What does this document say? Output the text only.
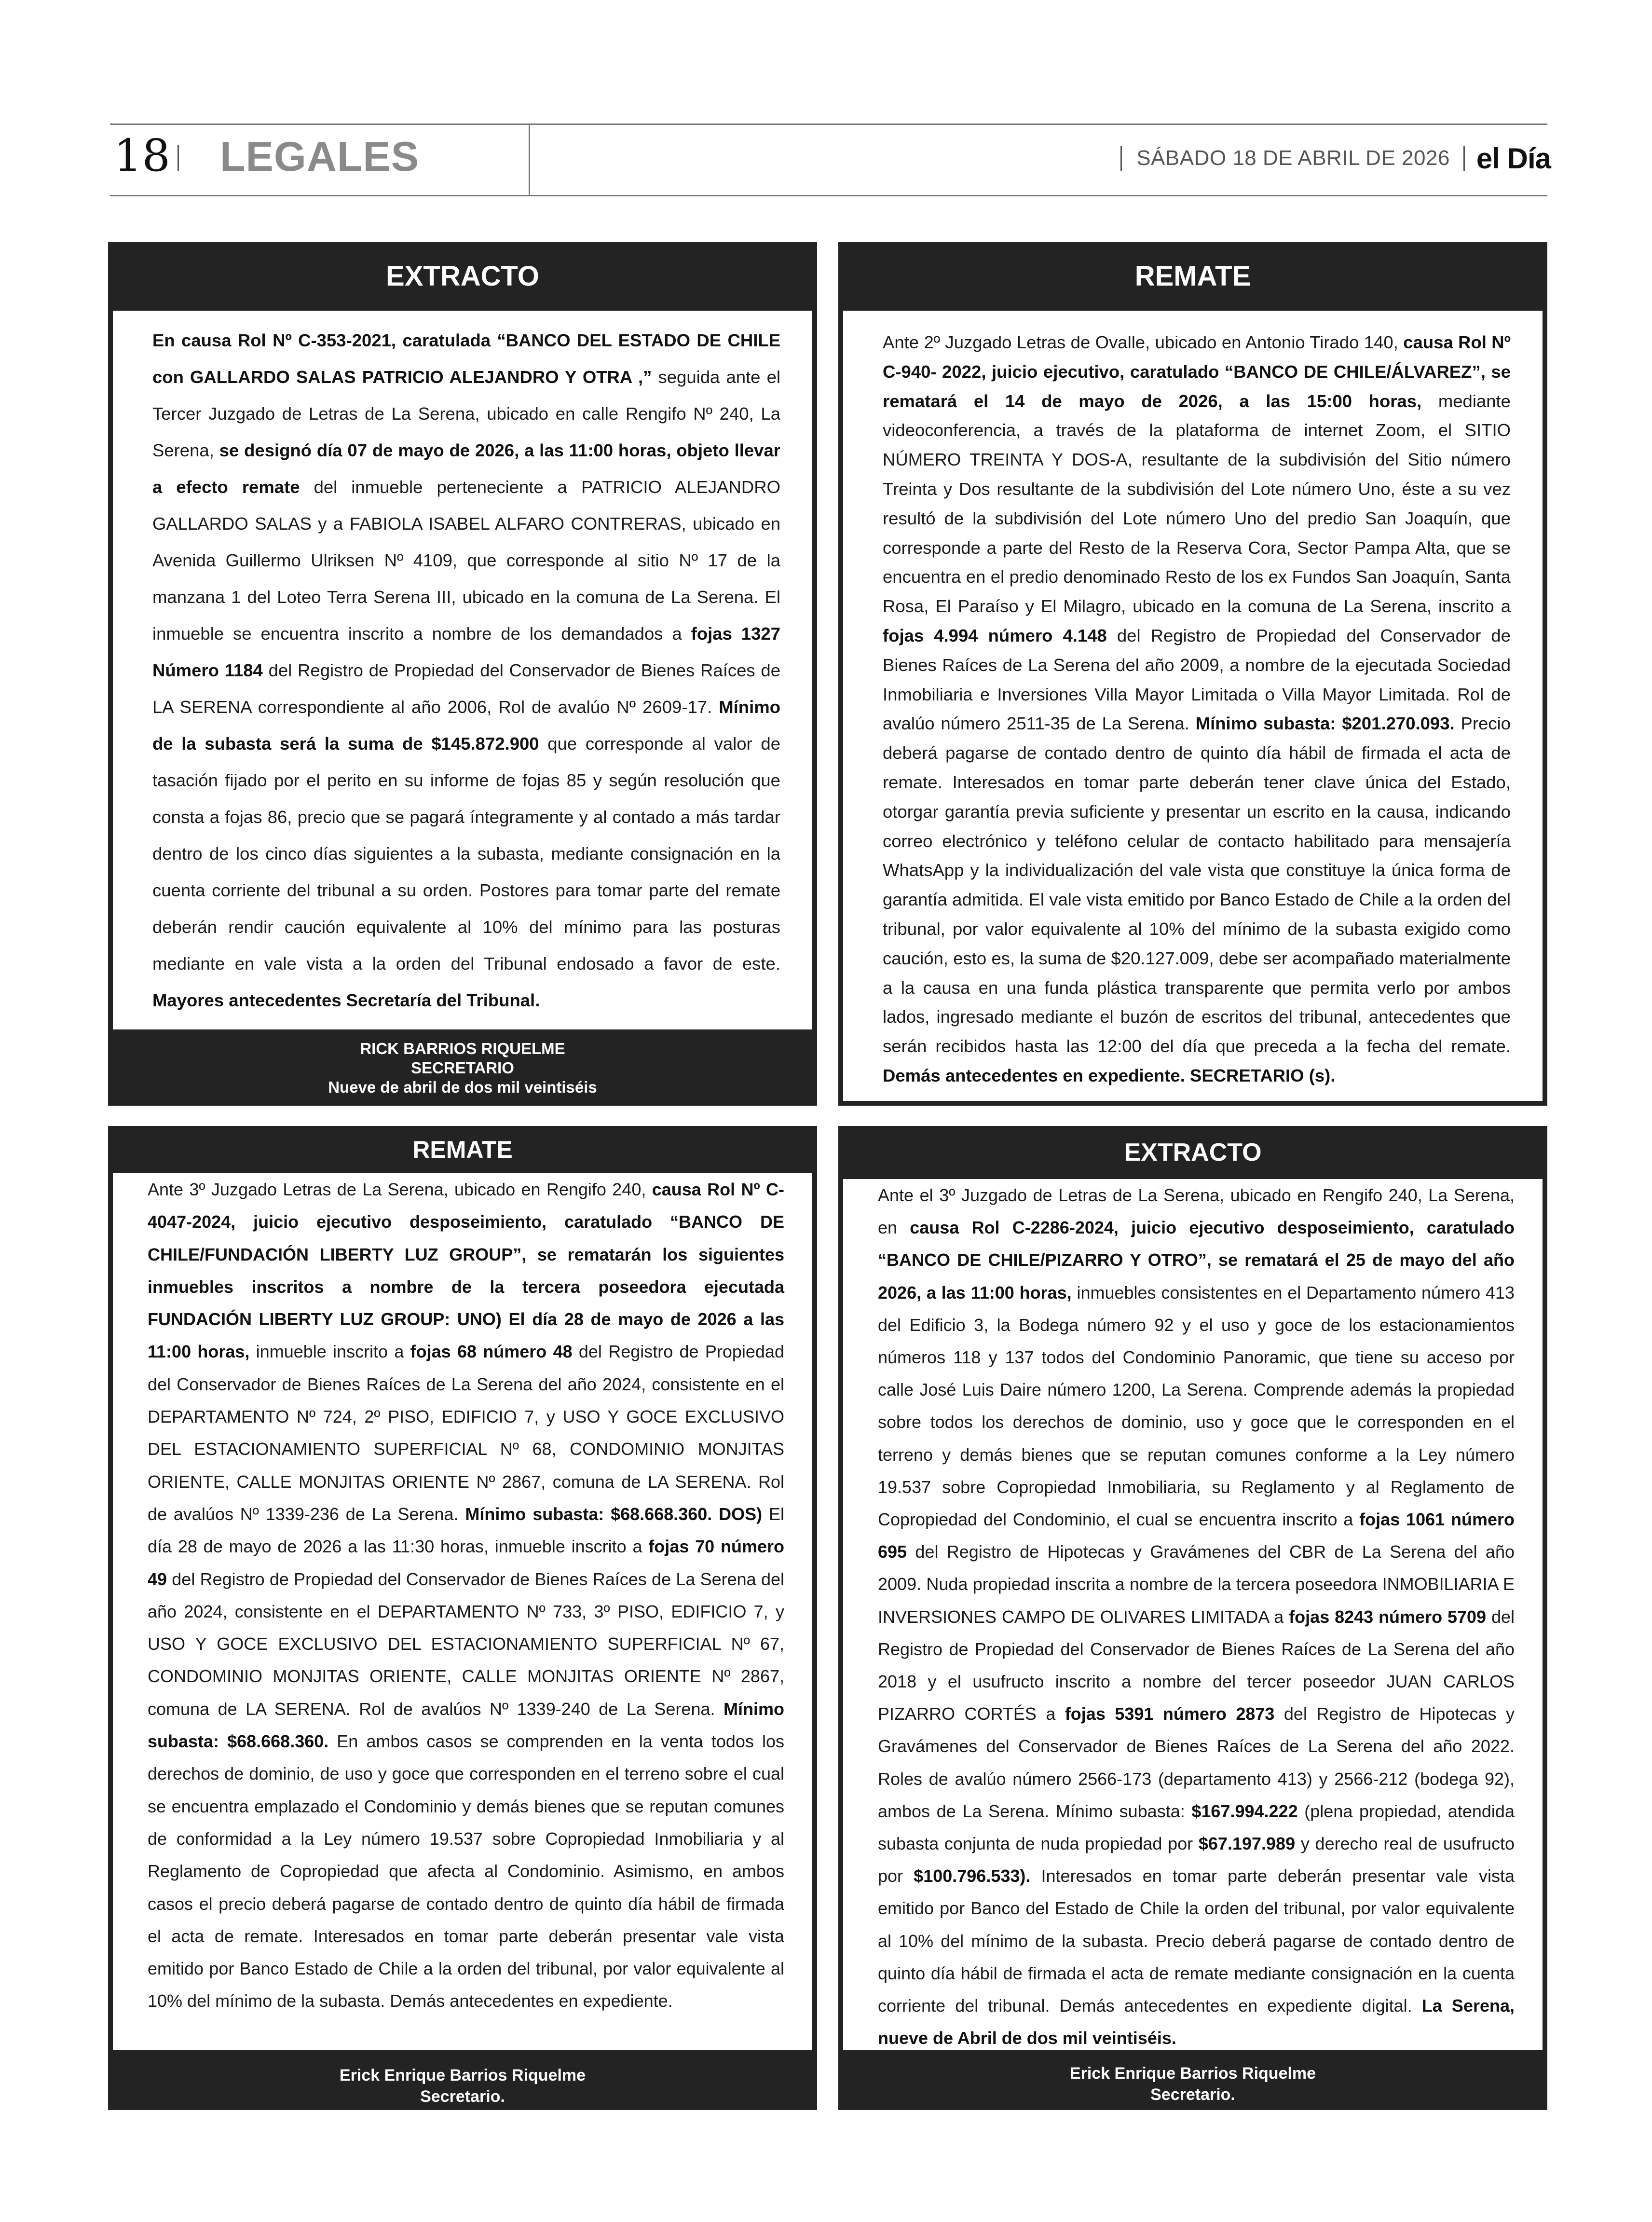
18 LEGALES	SÁBADO 18 DE ABRIL DE 2026 el Día
EXTRACTO
En causa Rol Nº C-353-2021, caratulada “BANCO DEL ESTADO DE CHILE con GALLARDO SALAS PATRICIO ALEJANDRO Y OTRA ,” seguida ante el Tercer Juzgado de Letras de La Serena, ubicado en calle Rengifo Nº 240, La Serena, se designó día 07 de mayo de 2026, a las 11:00 horas, objeto llevar a efecto remate del inmueble perteneciente a PATRICIO ALEJANDRO GALLARDO SALAS y a FABIOLA ISABEL ALFARO CONTRERAS, ubicado en Avenida Guillermo Ulriksen Nº 4109, que corresponde al sitio Nº 17 de la manzana 1 del Loteo Terra Serena III, ubicado en la comuna de La Serena. El inmueble se encuentra inscrito a nombre de los demandados a fojas 1327 Número 1184 del Registro de Propiedad del Conservador de Bienes Raíces de LA SERENA correspondiente al año 2006, Rol de avalúo Nº 2609-17. Mínimo de la subasta será la suma de $145.872.900 que corresponde al valor de tasación fijado por el perito en su informe de fojas 85 y según resolución que consta a fojas 86, precio que se pagará íntegramente y al contado a más tardar dentro de los cinco días siguientes a la subasta, mediante consignación en la cuenta corriente del tribunal a su orden. Postores para tomar parte del remate deberán rendir caución equivalente al 10% del mínimo para las posturas mediante en vale vista a la orden del Tribunal endosado a favor de este. Mayores antecedentes Secretaría del Tribunal.
RICK BARRIOS RIQUELME
SECRETARIO
Nueve de abril de dos mil veintiséis
REMATE
Ante 2º Juzgado Letras de Ovalle, ubicado en Antonio Tirado 140, causa Rol Nº C-940- 2022, juicio ejecutivo, caratulado “BANCO DE CHILE/ÁLVAREZ”, se rematará el 14 de mayo de 2026, a las 15:00 horas, mediante videoconferencia, a través de la plataforma de internet Zoom, el SITIO NÚMERO TREINTA Y DOS-A, resultante de la subdivisión del Sitio número Treinta y Dos resultante de la subdivisión del Lote número Uno, éste a su vez resultó de la subdivisión del Lote número Uno del predio San Joaquín, que corresponde a parte del Resto de la Reserva Cora, Sector Pampa Alta, que se encuentra en el predio denominado Resto de los ex Fundos San Joaquín, Santa Rosa, El Paraíso y El Milagro, ubicado en la comuna de La Serena, inscrito a fojas 4.994 número 4.148 del Registro de Propiedad del Conservador de Bienes Raíces de La Serena del año 2009, a nombre de la ejecutada Sociedad Inmobiliaria e Inversiones Villa Mayor Limitada o Villa Mayor Limitada. Rol de avalúo número 2511-35 de La Serena. Mínimo subasta: $201.270.093. Precio deberá pagarse de contado dentro de quinto día hábil de firmada el acta de remate. Interesados en tomar parte deberán tener clave única del Estado, otorgar garantía previa suficiente y presentar un escrito en la causa, indicando correo electrónico y teléfono celular de contacto habilitado para mensajería WhatsApp y la individualización del vale vista que constituye la única forma de garantía admitida. El vale vista emitido por Banco Estado de Chile a la orden del tribunal, por valor equivalente al 10% del mínimo de la subasta exigido como caución, esto es, la suma de $20.127.009, debe ser acompañado materialmente a la causa en una funda plástica transparente que permita verlo por ambos lados, ingresado mediante el buzón de escritos del tribunal, antecedentes que serán recibidos hasta las 12:00 del día que preceda a la fecha del remate. Demás antecedentes en expediente. SECRETARIO (s).
REMATE
Ante 3º Juzgado Letras de La Serena, ubicado en Rengifo 240, causa Rol Nº C-4047-2024, juicio ejecutivo desposeimiento, caratulado “BANCO DE CHILE/FUNDACIÓN LIBERTY LUZ GROUP”, se rematarán los siguientes inmuebles inscritos a nombre de la tercera poseedora ejecutada FUNDACIÓN LIBERTY LUZ GROUP: UNO) El día 28 de mayo de 2026 a las 11:00 horas, inmueble inscrito a fojas 68 número 48 del Registro de Propiedad del Conservador de Bienes Raíces de La Serena del año 2024, consistente en el DEPARTAMENTO Nº 724, 2º PISO, EDIFICIO 7, y USO Y GOCE EXCLUSIVO DEL ESTACIONAMIENTO SUPERFICIAL Nº 68, CONDOMINIO MONJITAS ORIENTE, CALLE MONJITAS ORIENTE Nº 2867, comuna de LA SERENA. Rol de avalúos Nº 1339-236 de La Serena. Mínimo subasta: $68.668.360. DOS) El día 28 de mayo de 2026 a las 11:30 horas, inmueble inscrito a fojas 70 número 49 del Registro de Propiedad del Conservador de Bienes Raíces de La Serena del año 2024, consistente en el DEPARTAMENTO Nº 733, 3º PISO, EDIFICIO 7, y USO Y GOCE EXCLUSIVO DEL ESTACIONAMIENTO SUPERFICIAL Nº 67, CONDOMINIO MONJITAS ORIENTE, CALLE MONJITAS ORIENTE Nº 2867, comuna de LA SERENA. Rol de avalúos Nº 1339-240 de La Serena. Mínimo subasta: $68.668.360. En ambos casos se comprenden en la venta todos los derechos de dominio, de uso y goce que corresponden en el terreno sobre el cual se encuentra emplazado el Condominio y demás bienes que se reputan comunes de conformidad a la Ley número 19.537 sobre Copropiedad Inmobiliaria y al Reglamento de Copropiedad que afecta al Condominio. Asimismo, en ambos casos el precio deberá pagarse de contado dentro de quinto día hábil de firmada el acta de remate. Interesados en tomar parte deberán presentar vale vista emitido por Banco Estado de Chile a la orden del tribunal, por valor equivalente al 10% del mínimo de la subasta. Demás antecedentes en expediente.
Erick Enrique Barrios Riquelme
Secretario.
EXTRACTO
Ante el 3º Juzgado de Letras de La Serena, ubicado en Rengifo 240, La Serena, en causa Rol C-2286-2024, juicio ejecutivo desposeimiento, caratulado “BANCO DE CHILE/PIZARRO Y OTRO”, se rematará el 25 de mayo del año 2026, a las 11:00 horas, inmuebles consistentes en el Departamento número 413 del Edificio 3, la Bodega número 92 y el uso y goce de los estacionamientos números 118 y 137 todos del Condominio Panoramic, que tiene su acceso por calle José Luis Daire número 1200, La Serena. Comprende además la propiedad sobre todos los derechos de dominio, uso y goce que le corresponden en el terreno y demás bienes que se reputan comunes conforme a la Ley número 19.537 sobre Copropiedad Inmobiliaria, su Reglamento y al Reglamento de Copropiedad del Condominio, el cual se encuentra inscrito a fojas 1061 número 695 del Registro de Hipotecas y Gravámenes del CBR de La Serena del año 2009. Nuda propiedad inscrita a nombre de la tercera poseedora INMOBILIARIA E INVERSIONES CAMPO DE OLIVARES LIMITADA a fojas 8243 número 5709 del Registro de Propiedad del Conservador de Bienes Raíces de La Serena del año 2018 y el usufructo inscrito a nombre del tercer poseedor JUAN CARLOS PIZARRO CORTÉS a fojas 5391 número 2873 del Registro de Hipotecas y Gravámenes del Conservador de Bienes Raíces de La Serena del año 2022. Roles de avalúo número 2566-173 (departamento 413) y 2566-212 (bodega 92), ambos de La Serena. Mínimo subasta: $167.994.222 (plena propiedad, atendida subasta conjunta de nuda propiedad por $67.197.989 y derecho real de usufructo por $100.796.533). Interesados en tomar parte deberán presentar vale vista emitido por Banco del Estado de Chile la orden del tribunal, por valor equivalente al 10% del mínimo de la subasta. Precio deberá pagarse de contado dentro de quinto día hábil de firmada el acta de remate mediante consignación en la cuenta corriente del tribunal. Demás antecedentes en expediente digital. La Serena, nueve de Abril de dos mil veintiséis.
Erick Enrique Barrios Riquelme
Secretario.
